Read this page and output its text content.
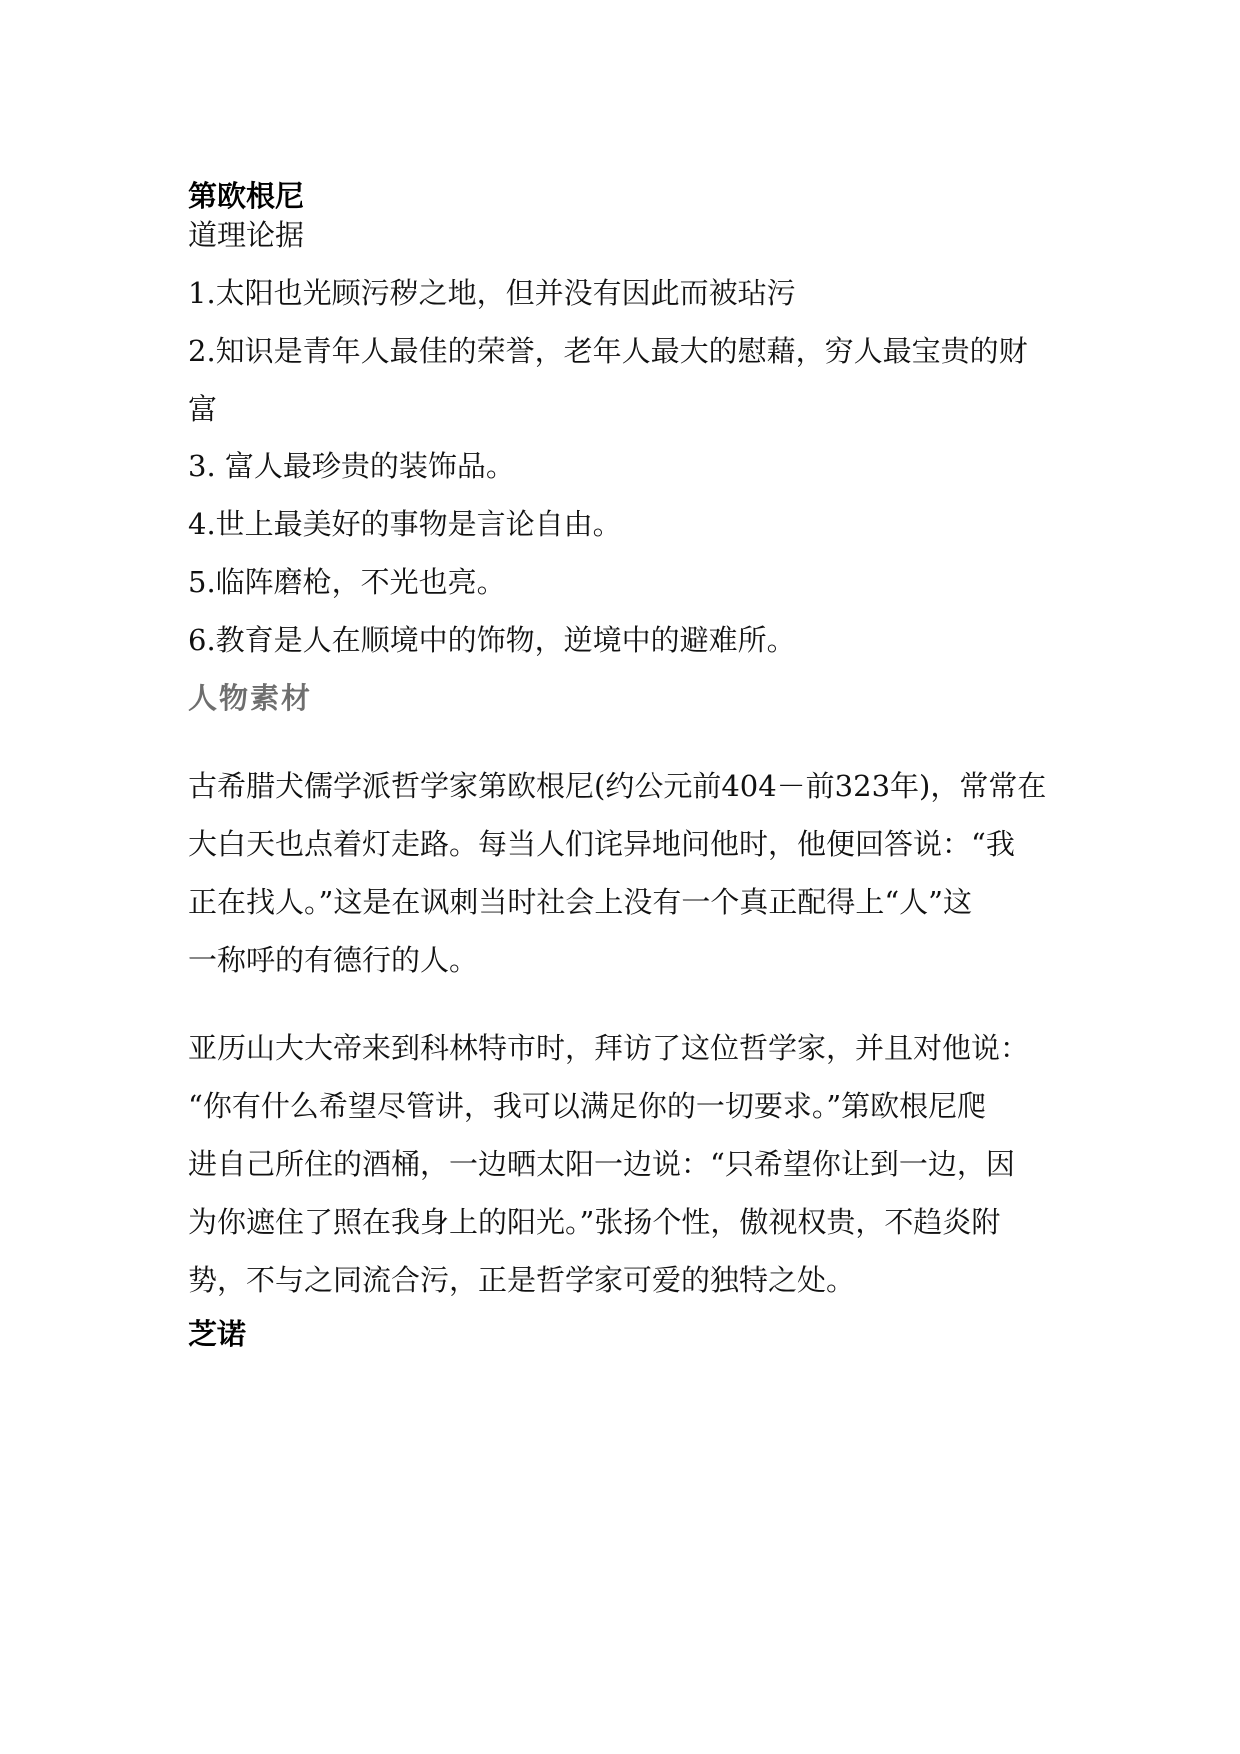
第欧根尼
道理论据
1.太阳也光顾污秽之地，但并没有因此而被玷污
2.知识是青年人最佳的荣誉，老年人最大的慰藉，穷人最宝贵的财
富
3. 富人最珍贵的装饰品。
4.世上最美好的事物是言论自由。
5.临阵磨枪，不光也亮。
6.教育是人在顺境中的饰物，逆境中的避难所。
人物素材
古希腊犬儒学派哲学家第欧根尼(约公元前404－前323年)，常常在
大白天也点着灯走路。每当人们诧异地问他时，他便回答说：“我
正在找人。”这是在讽刺当时社会上没有一个真正配得上“人”这
一称呼的有德行的人。
亚历山大大帝来到科林特市时，拜访了这位哲学家，并且对他说：
“你有什么希望尽管讲，我可以满足你的一切要求。”第欧根尼爬
进自己所住的酒桶，一边晒太阳一边说：“只希望你让到一边，因
为你遮住了照在我身上的阳光。”张扬个性，傲视权贵，不趋炎附
势，不与之同流合污，正是哲学家可爱的独特之处。
芝诺
